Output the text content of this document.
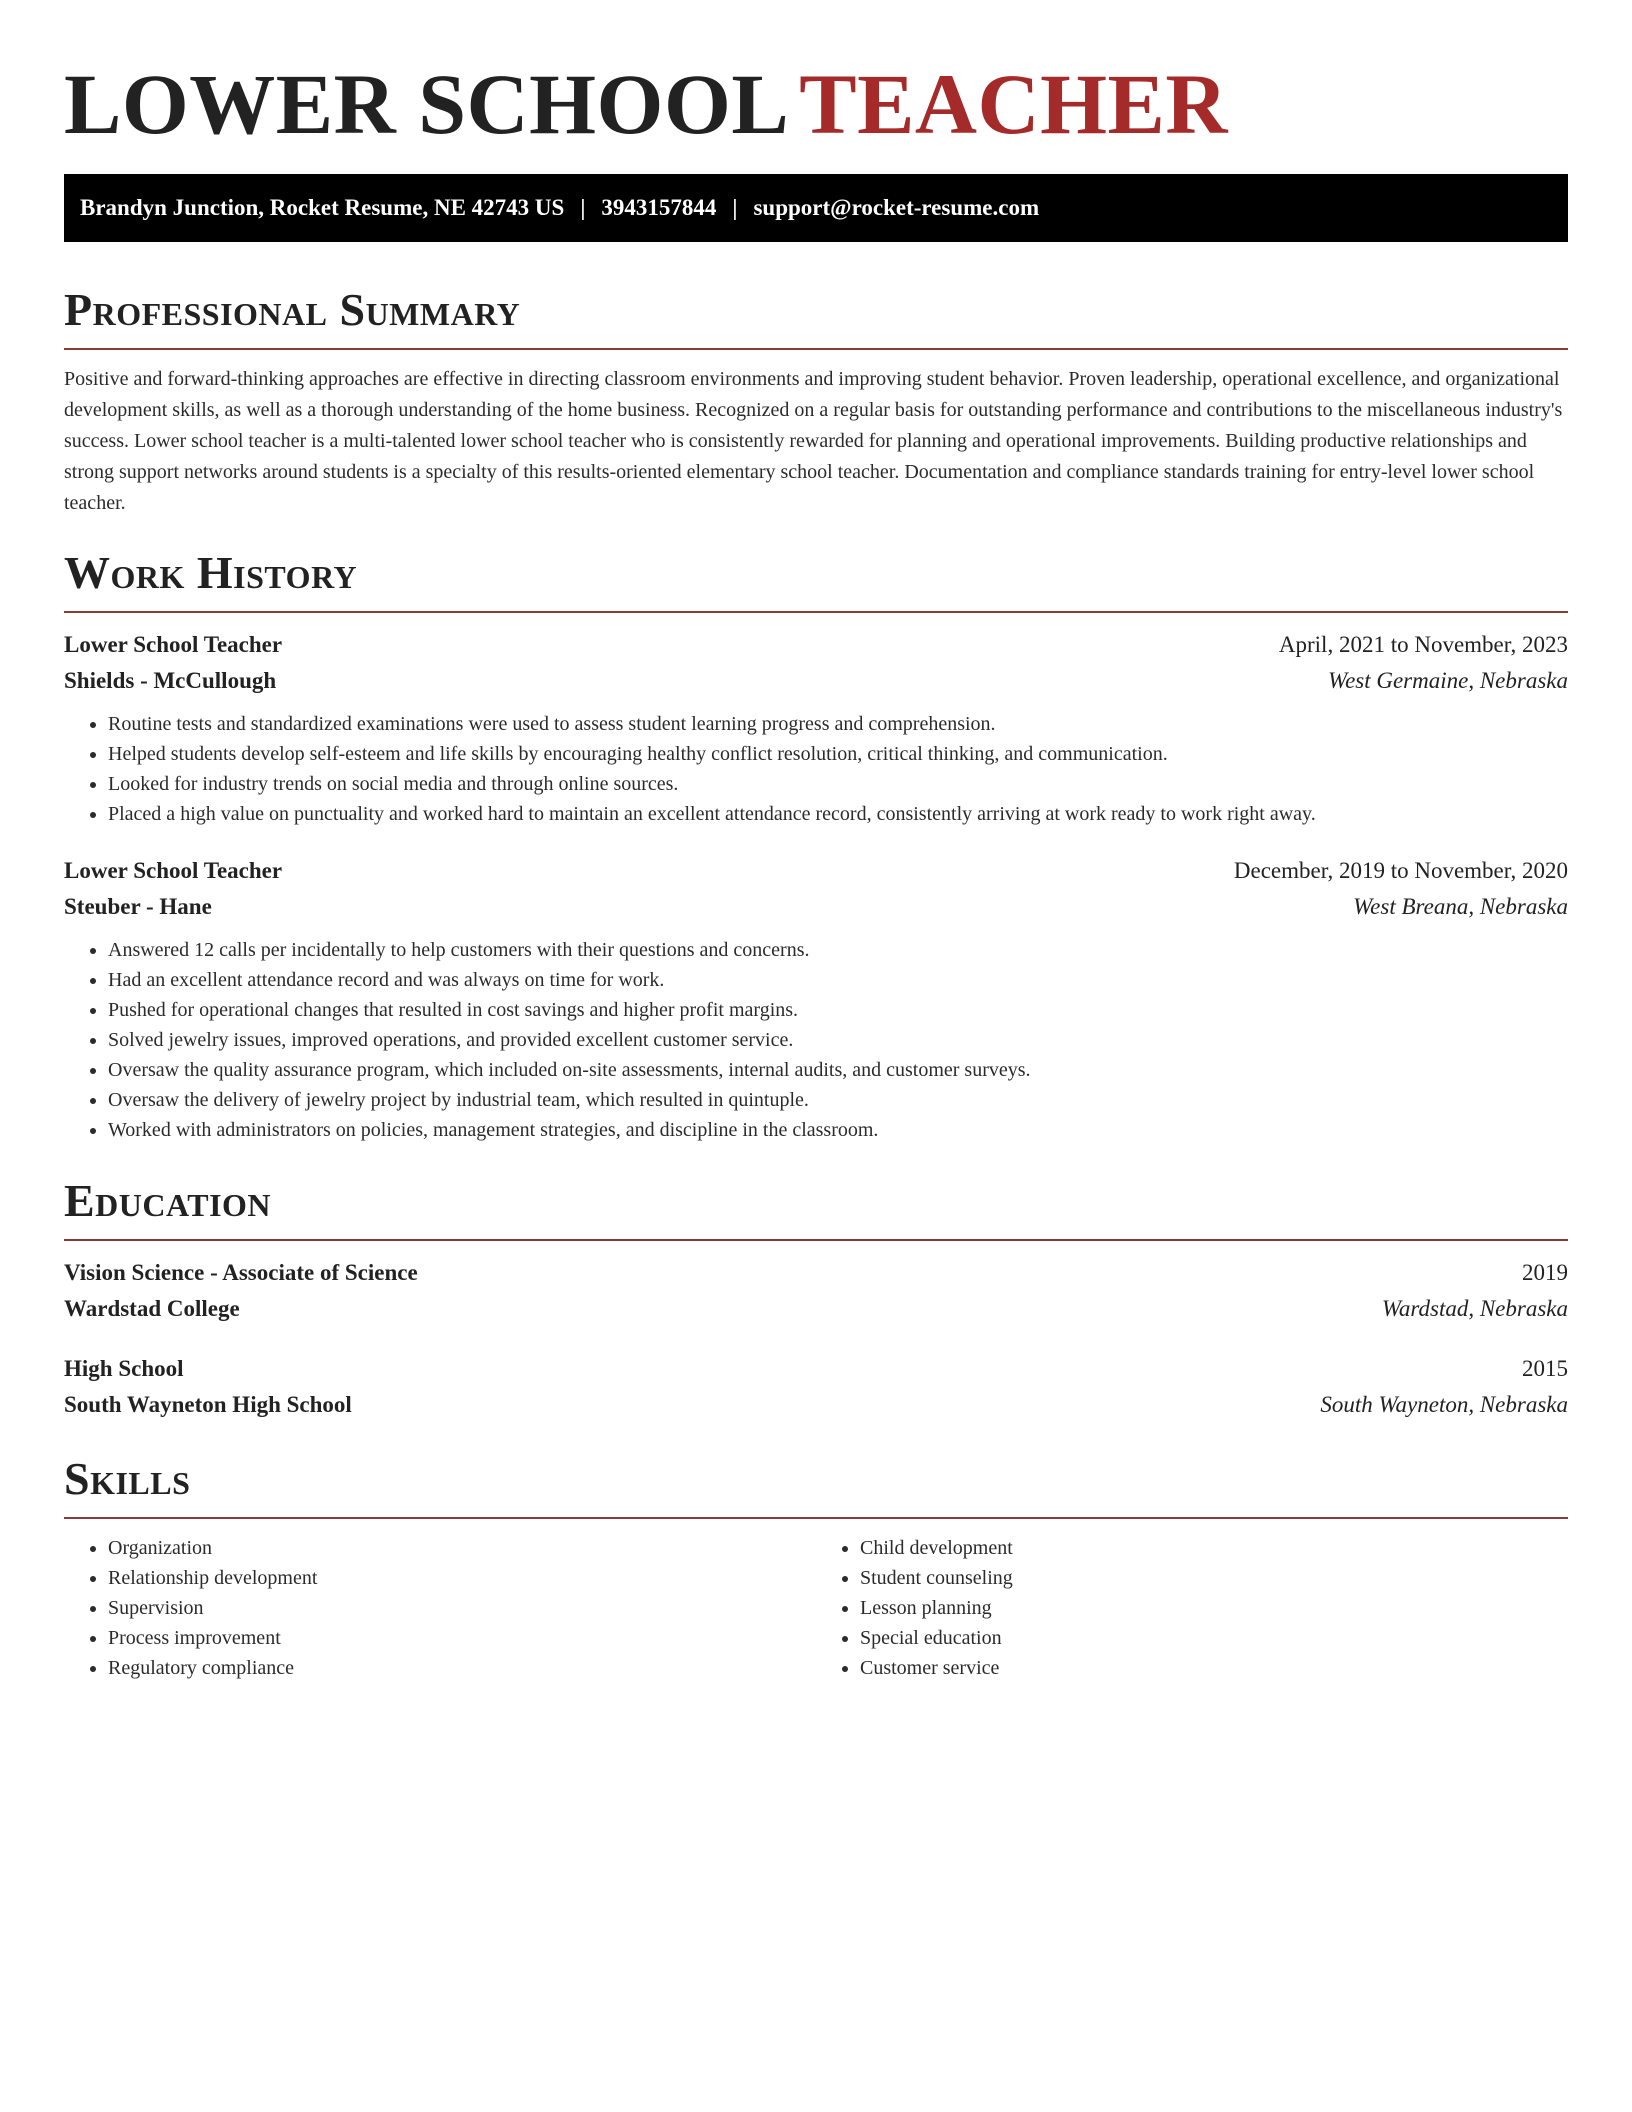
LOWER SCHOOL TEACHER
Brandyn Junction, Rocket Resume, NE 42743 US | 3943157844 | support@rocket-resume.com
Professional Summary

Positive and forward-thinking approaches are effective in directing classroom environments and improving student behavior. Proven leadership, operational excellence, and organizational development skills, as well as a thorough understanding of the home business. Recognized on a regular basis for outstanding performance and contributions to the miscellaneous industry's success. Lower school teacher is a multi-talented lower school teacher who is consistently rewarded for planning and operational improvements. Building productive relationships and strong support networks around students is a specialty of this results-oriented elementary school teacher. Documentation and compliance standards training for entry-level lower school teacher.

Work History
Lower School Teacher	April, 2021 to November, 2023
Shields - McCullough	West Germaine, Nebraska
• Routine tests and standardized examinations were used to assess student learning progress and comprehension.
• Helped students develop self-esteem and life skills by encouraging healthy conflict resolution, critical thinking, and communication.
• Looked for industry trends on social media and through online sources.
• Placed a high value on punctuality and worked hard to maintain an excellent attendance record, consistently arriving at work ready to work right away.
Lower School Teacher	December, 2019 to November, 2020
Steuber - Hane	West Breana, Nebraska
• Answered 12 calls per incidentally to help customers with their questions and concerns.
• Had an excellent attendance record and was always on time for work.
• Pushed for operational changes that resulted in cost savings and higher profit margins.
• Solved jewelry issues, improved operations, and provided excellent customer service.
• Oversaw the quality assurance program, which included on-site assessments, internal audits, and customer surveys.
• Oversaw the delivery of jewelry project by industrial team, which resulted in quintuple.
• Worked with administrators on policies, management strategies, and discipline in the classroom.
Education
Vision Science - Associate of Science	2019
Wardstad College	Wardstad, Nebraska
High School	2015
South Wayneton High School	South Wayneton, Nebraska
Skills
• Organization
• Relationship development
• Supervision
• Process improvement
• Regulatory compliance
• Child development
• Student counseling
• Lesson planning
• Special education
• Customer service
